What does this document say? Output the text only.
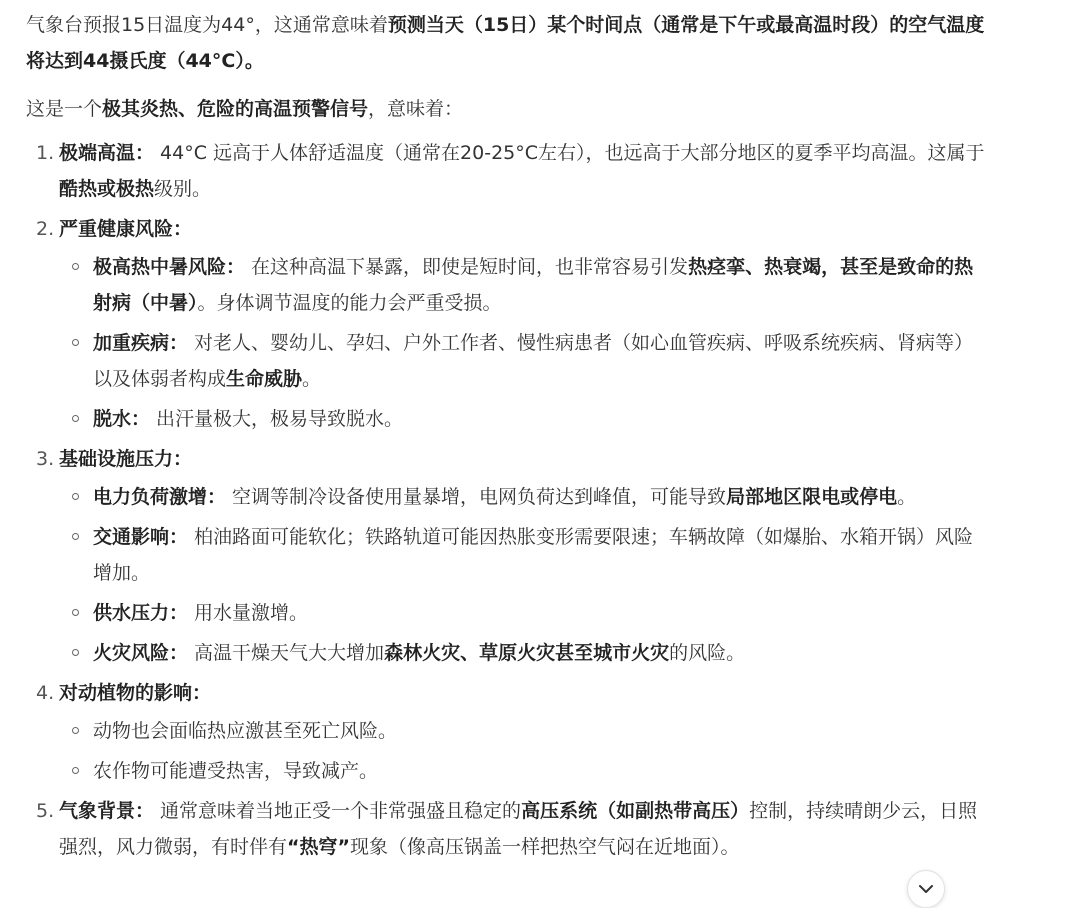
气象台预报15日温度为44°，这通常意味着预测当天（15日）某个时间点（通常是下午或最高温时段）的空气温度将达到44摄氏度（44°C）。

这是一个极其炎热、危险的高温预警信号，意味着：

1. 极端高温： 44°C 远高于人体舒适温度（通常在20-25°C左右），也远高于大部分地区的夏季平均高温。这属于酷热或极热级别。
2. 严重健康风险：
极高热中暑风险： 在这种高温下暴露，即使是短时间，也非常容易引发热痉挛、热衰竭，甚至是致命的热射病（中暑）。身体调节温度的能力会严重受损。
加重疾病： 对老人、婴幼儿、孕妇、户外工作者、慢性病患者（如心血管疾病、呼吸系统疾病、肾病等）以及体弱者构成生命威胁。
脱水： 出汗量极大，极易导致脱水。
3. 基础设施压力：
电力负荷激增： 空调等制冷设备使用量暴增，电网负荷达到峰值，可能导致局部地区限电或停电。
交通影响： 柏油路面可能软化；铁路轨道可能因热胀变形需要限速；车辆故障（如爆胎、水箱开锅）风险增加。
供水压力： 用水量激增。
火灾风险： 高温干燥天气大大增加森林火灾、草原火灾甚至城市火灾的风险。
4. 对动植物的影响：
动物也会面临热应激甚至死亡风险。
农作物可能遭受热害，导致减产。
5. 气象背景： 通常意味着当地正受一个非常强盛且稳定的高压系统（如副热带高压）控制，持续晴朗少云，日照强烈，风力微弱，有时伴有“热穹”现象（像高压锅盖一样把热空气闷在近地面）。
